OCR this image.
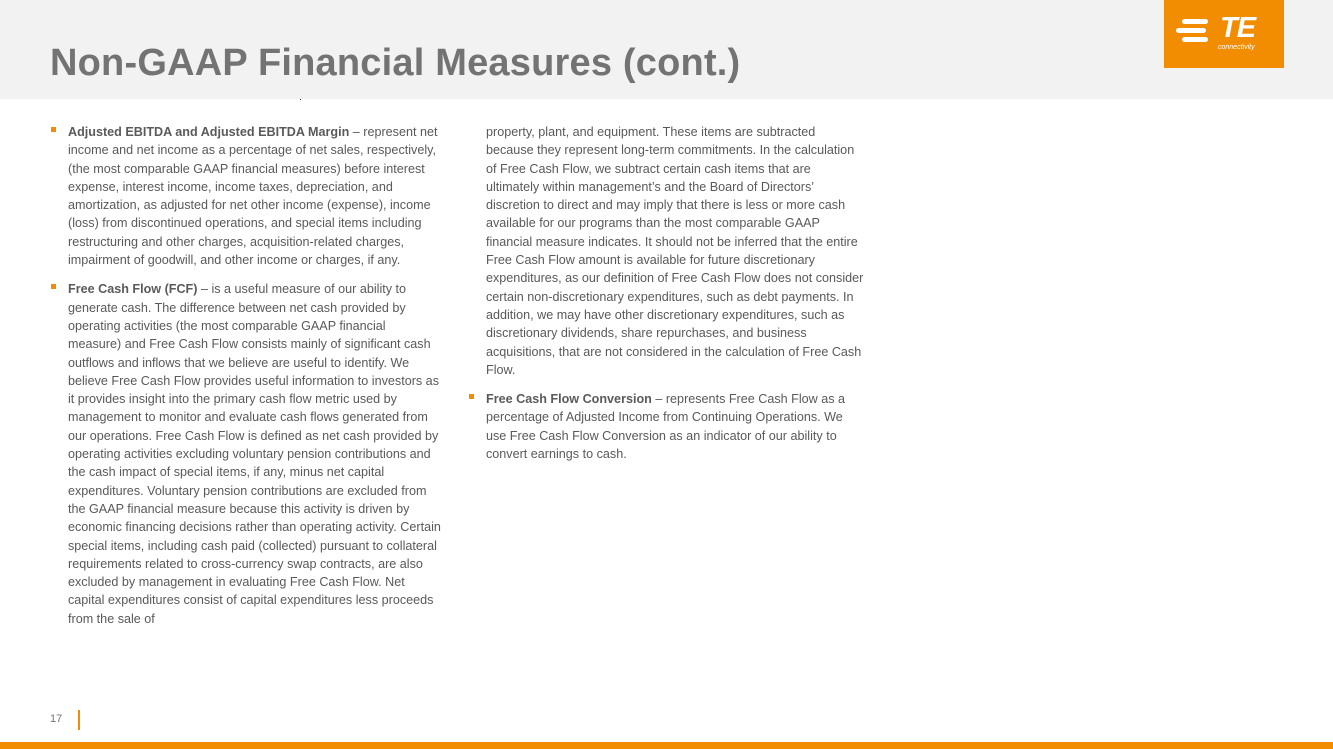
Non-GAAP Financial Measures (cont.)
TE
connectivity

Adjusted EBITDA and Adjusted EBITDA Margin – represent net income and net income as a percentage of net sales, respectively, (the most comparable GAAP financial measures) before interest expense, interest income, income taxes, depreciation, and amortization, as adjusted for net other income (expense), income (loss) from discontinued operations, and special items including restructuring and other charges, acquisition-related charges, impairment of goodwill, and other income or charges, if any.

Free Cash Flow (FCF) – is a useful measure of our ability to generate cash. The difference between net cash provided by operating activities (the most comparable GAAP financial measure) and Free Cash Flow consists mainly of significant cash outflows and inflows that we believe are useful to identify. We believe Free Cash Flow provides useful information to investors as it provides insight into the primary cash flow metric used by management to monitor and evaluate cash flows generated from our operations. Free Cash Flow is defined as net cash provided by operating activities excluding voluntary pension contributions and the cash impact of special items, if any, minus net capital expenditures. Voluntary pension contributions are excluded from the GAAP financial measure because this activity is driven by economic financing decisions rather than operating activity. Certain special items, including cash paid (collected) pursuant to collateral requirements related to cross-currency swap contracts, are also excluded by management in evaluating Free Cash Flow. Net capital expenditures consist of capital expenditures less proceeds from the sale of

property, plant, and equipment. These items are subtracted because they represent long-term commitments. In the calculation of Free Cash Flow, we subtract certain cash items that are ultimately within management’s and the Board of Directors’ discretion to direct and may imply that there is less or more cash available for our programs than the most comparable GAAP financial measure indicates. It should not be inferred that the entire Free Cash Flow amount is available for future discretionary expenditures, as our definition of Free Cash Flow does not consider certain non-discretionary expenditures, such as debt payments. In addition, we may have other discretionary expenditures, such as discretionary dividends, share repurchases, and business acquisitions, that are not considered in the calculation of Free Cash Flow.

Free Cash Flow Conversion – represents Free Cash Flow as a percentage of Adjusted Income from Continuing Operations. We use Free Cash Flow Conversion as an indicator of our ability to convert earnings to cash.

17
